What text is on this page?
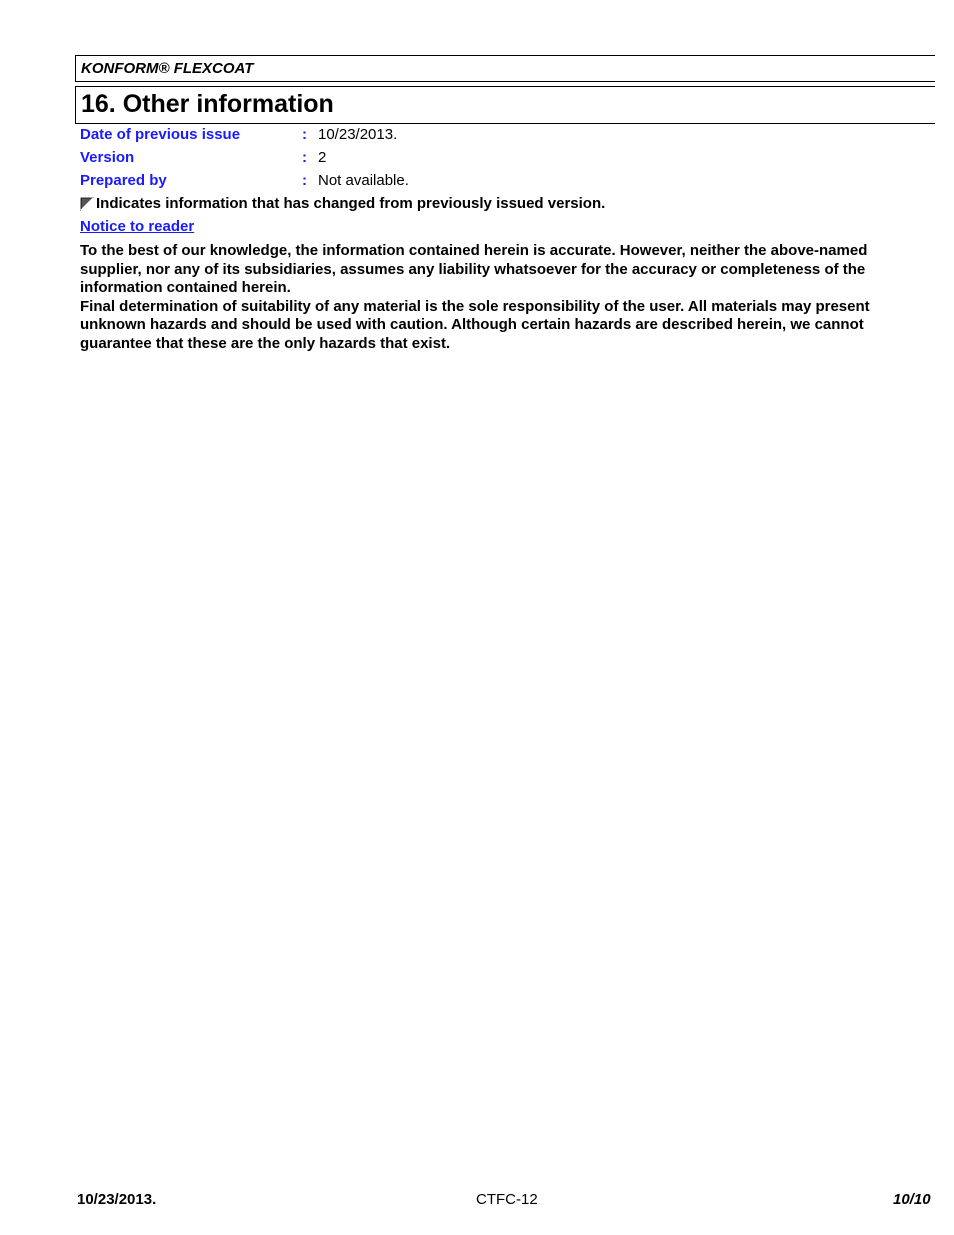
KONFORM® FLEXCOAT
16. Other information
Date of previous issue	: 10/23/2013.
Version	: 2
Prepared by	: Not available.
Indicates information that has changed from previously issued version.
Notice to reader

To the best of our knowledge, the information contained herein is accurate. However, neither the above-named supplier, nor any of its subsidiaries, assumes any liability whatsoever for the accuracy or completeness of the information contained herein.

Final determination of suitability of any material is the sole responsibility of the user. All materials may present unknown hazards and should be used with caution. Although certain hazards are described herein, we cannot guarantee that these are the only hazards that exist.

10/23/2013.	CTFC-12	10/10
